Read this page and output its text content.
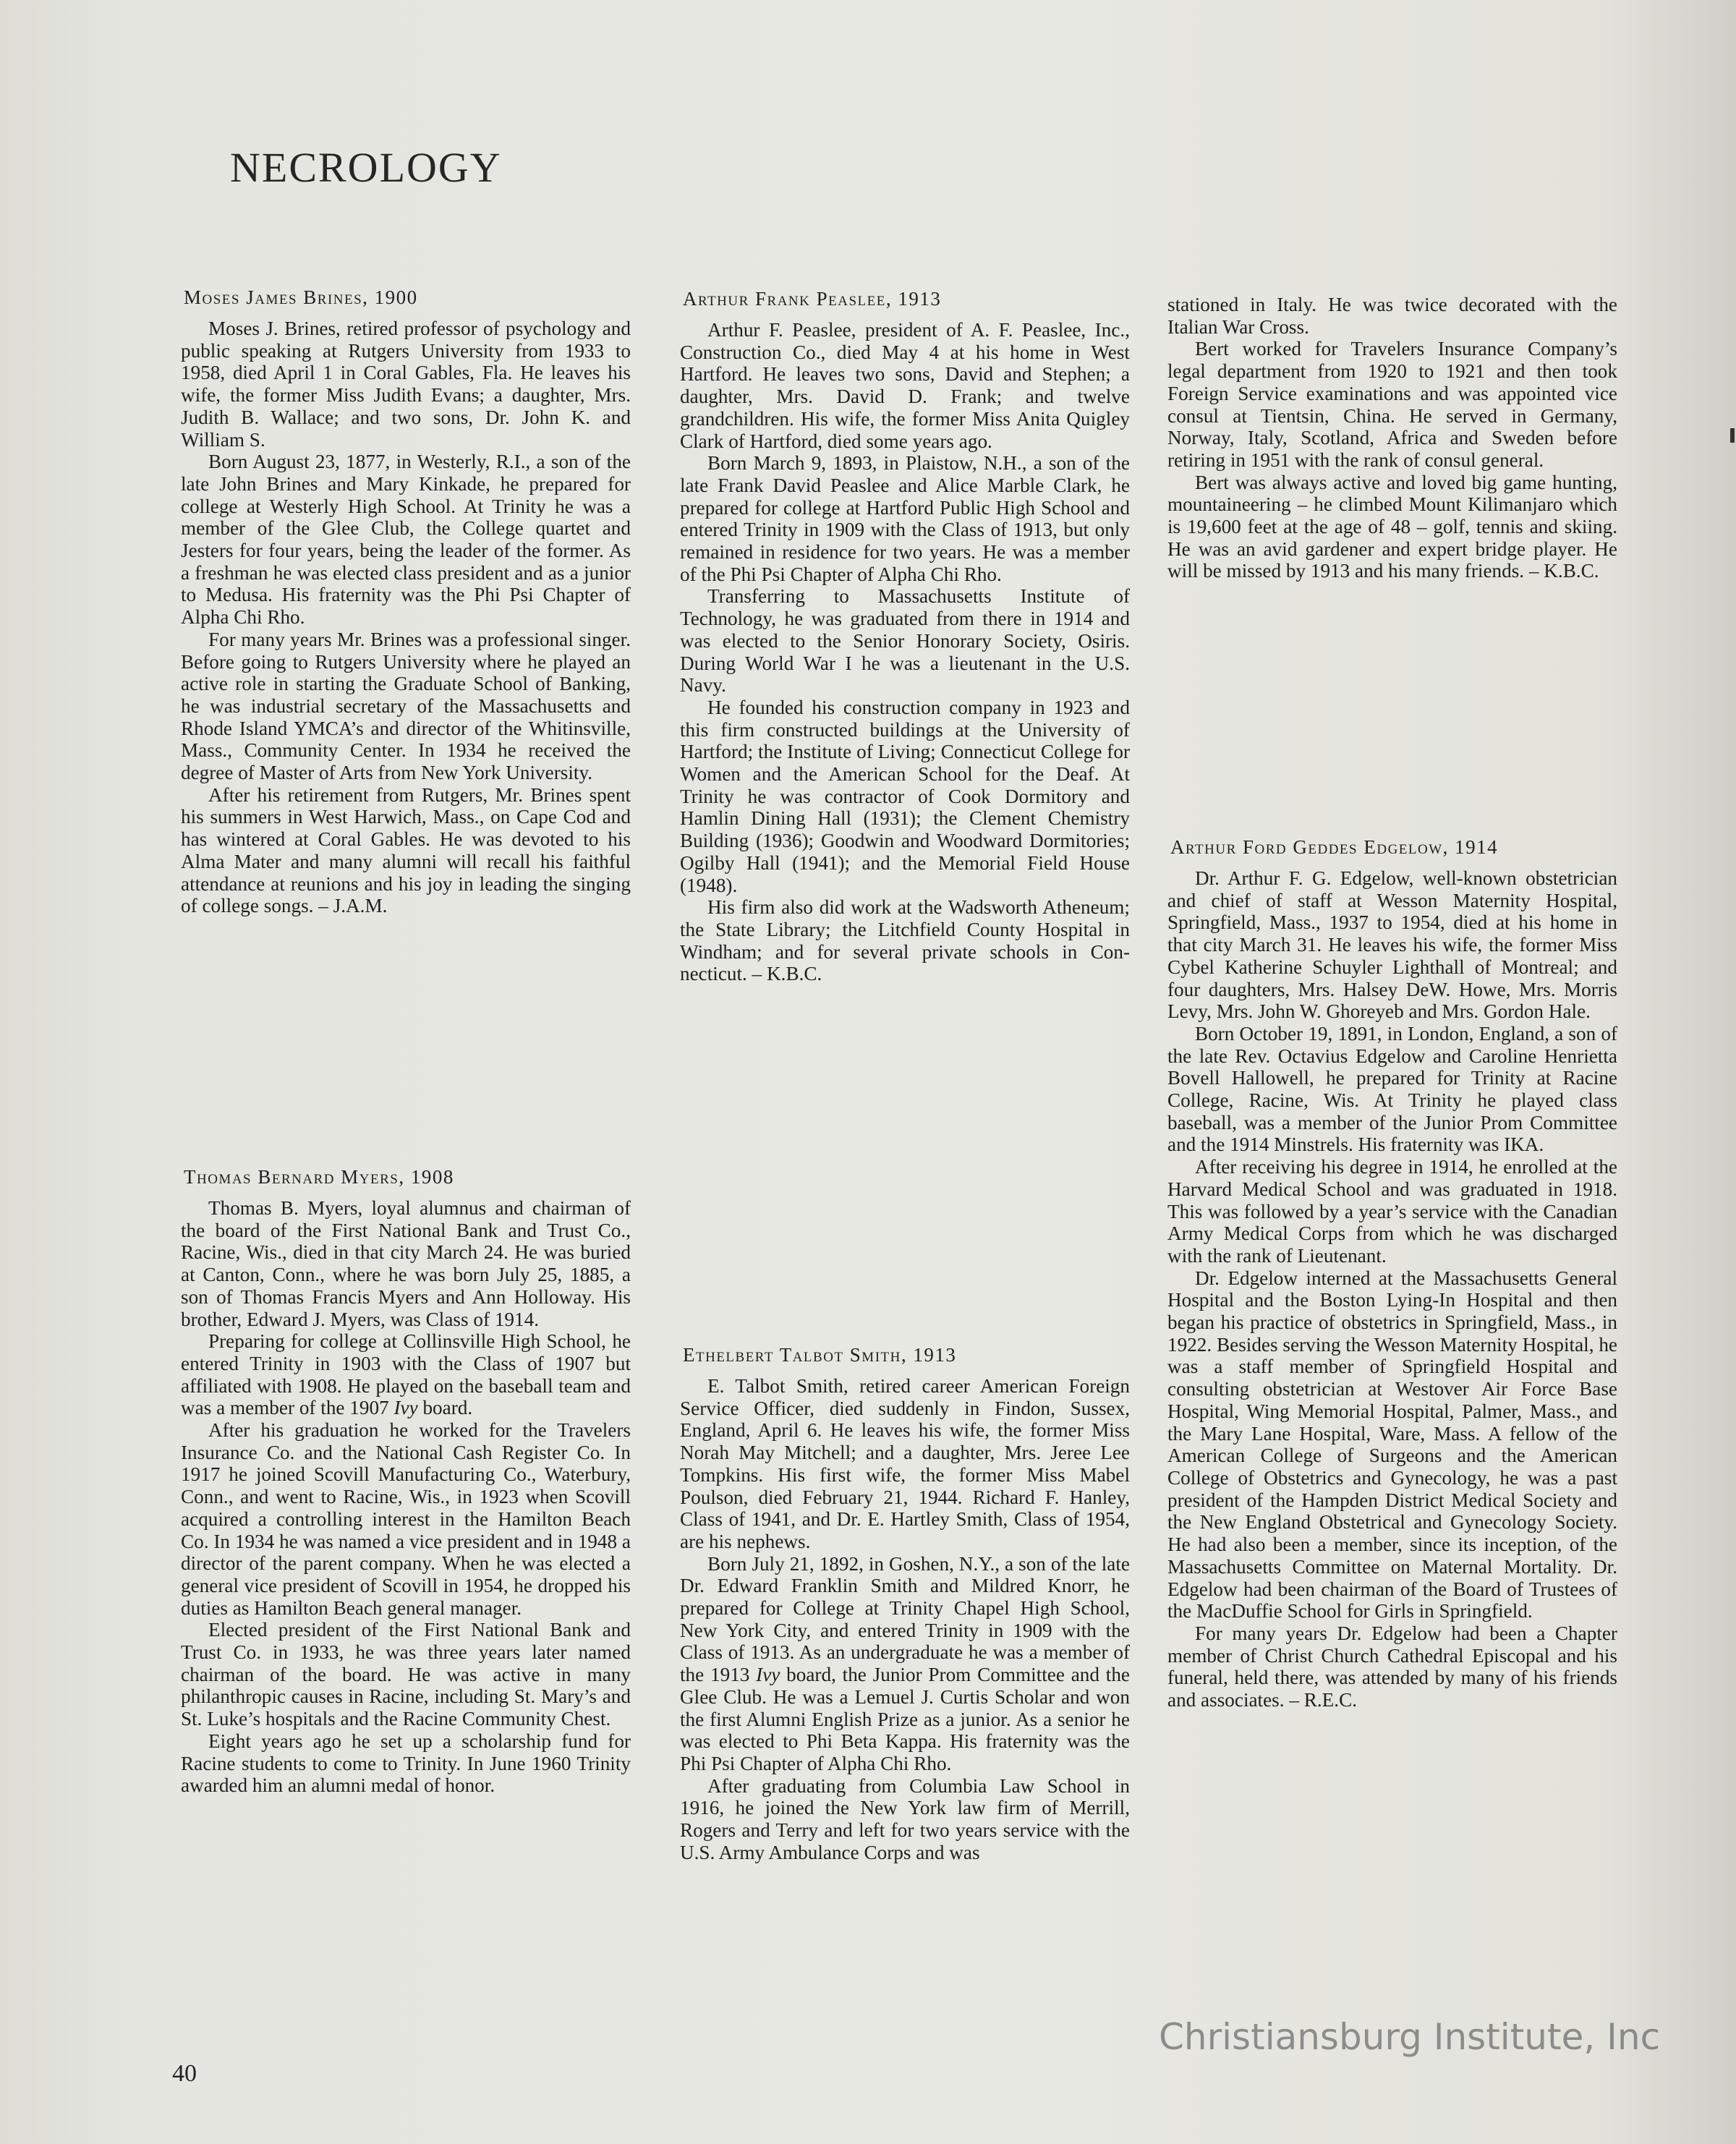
NECROLOGY
Moses James Brines, 1900

Moses J. Brines, retired professor of psychology and public speaking at Rutgers University from 1933 to 1958, died April 1 in Coral Gables, Fla. He leaves his wife, the former Miss Judith Evans; a daughter, Mrs. Judith B. Wallace; and two sons, Dr. John K. and William S.

Born August 23, 1877, in Westerly, R.I., a son of the late John Brines and Mary Kinkade, he prepared for college at Westerly High School. At Trinity he was a member of the Glee Club, the College quartet and Jesters for four years, being the leader of the former. As a freshman he was elected class president and as a junior to Medusa. His fraternity was the Phi Psi Chapter of Alpha Chi Rho.

For many years Mr. Brines was a professional singer. Before going to Rutgers University where he played an active role in starting the Graduate School of Banking, he was industrial secretary of the Massachusetts and Rhode Island YMCA’s and director of the Whitinsville, Mass., Community Center. In 1934 he received the degree of Master of Arts from New York University.

After his retirement from Rutgers, Mr. Brines spent his summers in West Harwich, Mass., on Cape Cod and has wintered at Coral Gables. He was devoted to his Alma Mater and many alumni will recall his faithful attendance at reunions and his joy in leading the singing of college songs. – J.A.M.

Thomas Bernard Myers, 1908

Thomas B. Myers, loyal alumnus and chairman of the board of the First National Bank and Trust Co., Racine, Wis., died in that city March 24. He was buried at Canton, Conn., where he was born July 25, 1885, a son of Thomas Francis Myers and Ann Holloway. His brother, Edward J. Myers, was Class of 1914.

Preparing for college at Collinsville High School, he entered Trinity in 1903 with the Class of 1907 but affiliated with 1908. He played on the baseball team and was a member of the 1907 Ivy board.

After his graduation he worked for the Travelers Insurance Co. and the National Cash Register Co. In 1917 he joined Scovill Manufacturing Co., Waterbury, Conn., and went to Racine, Wis., in 1923 when Scovill acquired a controlling interest in the Hamilton Beach Co. In 1934 he was named a vice president and in 1948 a director of the parent company. When he was elected a general vice president of Scovill in 1954, he dropped his duties as Hamilton Beach general manager.

Elected president of the First National Bank and Trust Co. in 1933, he was three years later named chairman of the board. He was active in many philanthropic causes in Racine, including St. Mary’s and St. Luke’s hospitals and the Racine Community Chest.

Eight years ago he set up a scholarship fund for Racine students to come to Trinity. In June 1960 Trinity awarded him an alumni medal of honor.

Arthur Frank Peaslee, 1913

Arthur F. Peaslee, president of A. F. Peaslee, Inc., Construction Co., died May 4 at his home in West Hartford. He leaves two sons, David and Stephen; a daughter, Mrs. David D. Frank; and twelve grandchildren. His wife, the former Miss Anita Quigley Clark of Hartford, died some years ago.

Born March 9, 1893, in Plaistow, N.H., a son of the late Frank David Peaslee and Alice Marble Clark, he prepared for college at Hartford Public High School and entered Trinity in 1909 with the Class of 1913, but only remained in residence for two years. He was a member of the Phi Psi Chapter of Alpha Chi Rho.

Transferring to Massachusetts Institute of Technology, he was graduated from there in 1914 and was elected to the Senior Honorary Society, Osiris. During World War I he was a lieutenant in the U.S. Navy.

He founded his construction company in 1923 and this firm constructed buildings at the University of Hartford; the Institute of Living; Connecticut College for Women and the American School for the Deaf. At Trinity he was contractor of Cook Dormitory and Hamlin Dining Hall (1931); the Clement Chemistry Building (1936); Goodwin and Woodward Dormitories; Ogilby Hall (1941); and the Memorial Field House (1948).

His firm also did work at the Wadsworth Atheneum; the State Library; the Litchfield County Hospital in Windham; and for several private schools in Connecticut. – K.B.C.

Ethelbert Talbot Smith, 1913

E. Talbot Smith, retired career American Foreign Service Officer, died suddenly in Findon, Sussex, England, April 6. He leaves his wife, the former Miss Norah May Mitchell; and a daughter, Mrs. Jeree Lee Tompkins. His first wife, the former Miss Mabel Poulson, died February 21, 1944. Richard F. Hanley, Class of 1941, and Dr. E. Hartley Smith, Class of 1954, are his nephews.

Born July 21, 1892, in Goshen, N.Y., a son of the late Dr. Edward Franklin Smith and Mildred Knorr, he prepared for College at Trinity Chapel High School, New York City, and entered Trinity in 1909 with the Class of 1913. As an undergraduate he was a member of the 1913 Ivy board, the Junior Prom Committee and the Glee Club. He was a Lemuel J. Curtis Scholar and won the first Alumni English Prize as a junior. As a senior he was elected to Phi Beta Kappa. His fraternity was the Phi Psi Chapter of Alpha Chi Rho.

After graduating from Columbia Law School in 1916, he joined the New York law firm of Merrill, Rogers and Terry and left for two years service with the U.S. Army Ambulance Corps and was

stationed in Italy. He was twice decorated with the Italian War Cross.

Bert worked for Travelers Insurance Company’s legal department from 1920 to 1921 and then took Foreign Service examinations and was appointed vice consul at Tientsin, China. He served in Germany, Norway, Italy, Scotland, Africa and Sweden before retiring in 1951 with the rank of consul general.

Bert was always active and loved big game hunting, mountaineering – he climbed Mount Kilimanjaro which is 19,600 feet at the age of 48 – golf, tennis and skiing. He was an avid gardener and expert bridge player. He will be missed by 1913 and his many friends. – K.B.C.

Arthur Ford Geddes Edgelow, 1914

Dr. Arthur F. G. Edgelow, well-known obstetrician and chief of staff at Wesson Maternity Hospital, Springfield, Mass., 1937 to 1954, died at his home in that city March 31. He leaves his wife, the former Miss Cybel Katherine Schuyler Lighthall of Montreal; and four daughters, Mrs. Halsey DeW. Howe, Mrs. Morris Levy, Mrs. John W. Ghoreyeb and Mrs. Gordon Hale.

Born October 19, 1891, in London, England, a son of the late Rev. Octavius Edgelow and Caroline Henrietta Bovell Hallowell, he prepared for Trinity at Racine College, Racine, Wis. At Trinity he played class baseball, was a member of the Junior Prom Committee and the 1914 Minstrels. His fraternity was IKA.

After receiving his degree in 1914, he enrolled at the Harvard Medical School and was graduated in 1918. This was followed by a year’s service with the Canadian Army Medical Corps from which he was discharged with the rank of Lieutenant.

Dr. Edgelow interned at the Massachusetts General Hospital and the Boston Lying-In Hospital and then began his practice of obstetrics in Springfield, Mass., in 1922. Besides serving the Wesson Maternity Hospital, he was a staff member of Springfield Hospital and consulting obstetrician at Westover Air Force Base Hospital, Wing Memorial Hospital, Palmer, Mass., and the Mary Lane Hospital, Ware, Mass. A fellow of the American College of Surgeons and the American College of Obstetrics and Gynecology, he was a past president of the Hampden District Medical Society and the New England Obstetrical and Gynecology Society. He had also been a member, since its inception, of the Massachusetts Committee on Maternal Mortality. Dr. Edgelow had been chairman of the Board of Trustees of the MacDuffie School for Girls in Springfield.

For many years Dr. Edgelow had been a Chapter member of Christ Church Cathedral Episcopal and his funeral, held there, was attended by many of his friends and associates. – R.E.C.

40
Christiansburg Institute, Inc
